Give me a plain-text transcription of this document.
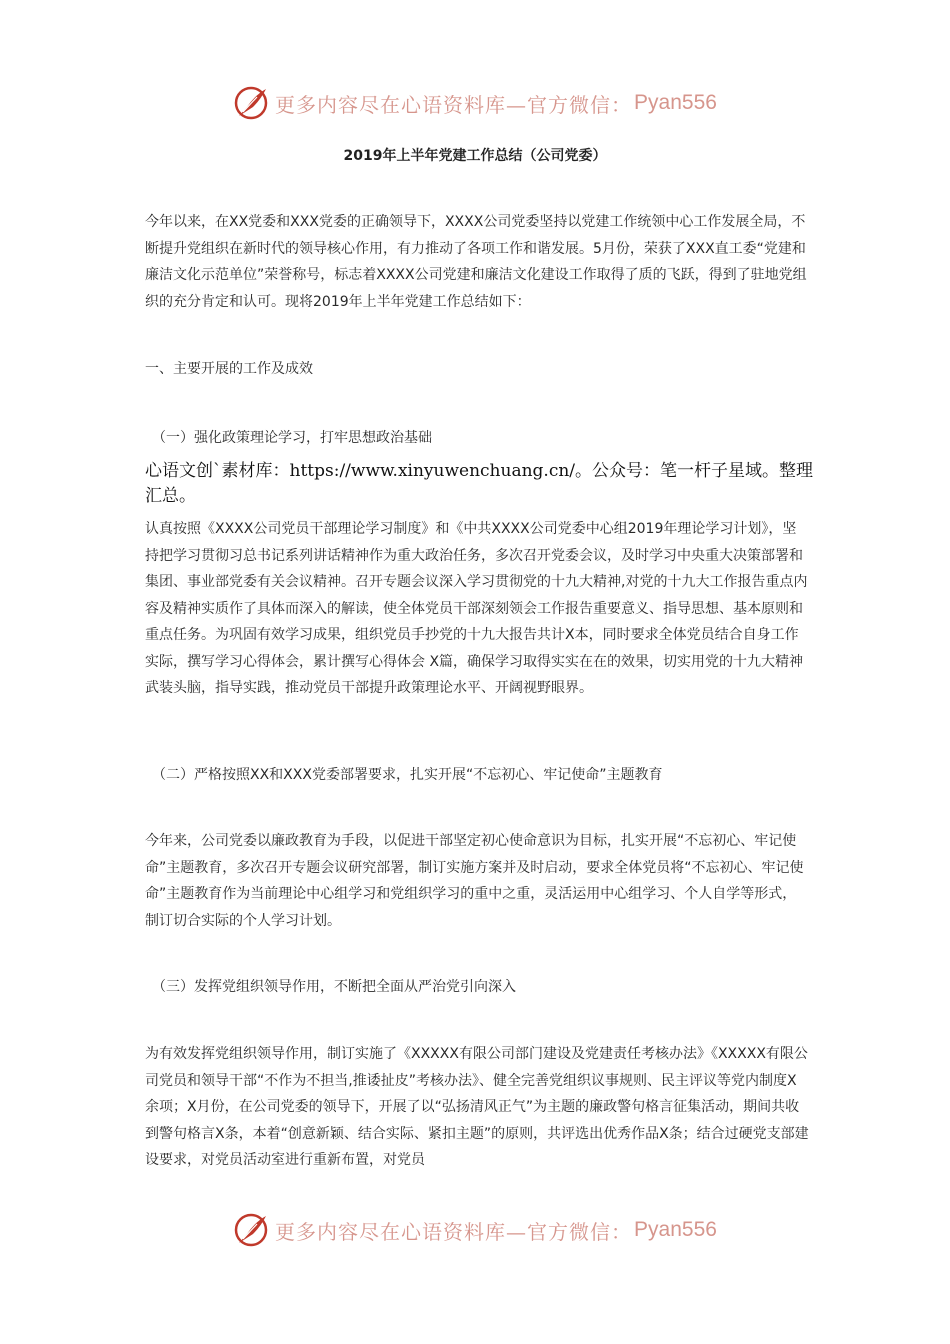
更多内容尽在心语资料库—官方微信： Pyan556
2019年上半年党建工作总结（公司党委）

今年以来，在XX党委和XXX党委的正确领导下，XXXX公司党委坚持以党建工作统领中心工作发展全局，不断提升党组织在新时代的领导核心作用，有力推动了各项工作和谐发展。5月份，荣获了XXX直工委“党建和廉洁文化示范单位”荣誉称号，标志着XXXX公司党建和廉洁文化建设工作取得了质的飞跃，得到了驻地党组织的充分肯定和认可。现将2019年上半年党建工作总结如下：

一、主要开展的工作及成效

（一）强化政策理论学习，打牢思想政治基础

心语文创`素材库：https://www.xinyuwenchuang.cn/。公众号：笔一杆子星域。整理汇总。

认真按照《XXXX公司党员干部理论学习制度》和《中共XXXX公司党委中心组2019年理论学习计划》，坚持把学习贯彻习总书记系列讲话精神作为重大政治任务，多次召开党委会议，及时学习中央重大决策部署和集团、事业部党委有关会议精神。召开专题会议深入学习贯彻党的十九大精神,对党的十九大工作报告重点内容及精神实质作了具体而深入的解读，使全体党员干部深刻领会工作报告重要意义、指导思想、基本原则和重点任务。为巩固有效学习成果，组织党员手抄党的十九大报告共计X本，同时要求全体党员结合自身工作实际，撰写学习心得体会，累计撰写心得体会 X篇，确保学习取得实实在在的效果，切实用党的十九大精神武装头脑，指导实践，推动党员干部提升政策理论水平、开阔视野眼界。

（二）严格按照XX和XXX党委部署要求，扎实开展“不忘初心、牢记使命”主题教育

今年来，公司党委以廉政教育为手段，以促进干部坚定初心使命意识为目标，扎实开展“不忘初心、牢记使命”主题教育，多次召开专题会议研究部署，制订实施方案并及时启动，要求全体党员将“不忘初心、牢记使命”主题教育作为当前理论中心组学习和党组织学习的重中之重，灵活运用中心组学习、个人自学等形式，制订切合实际的个人学习计划。

（三）发挥党组织领导作用，不断把全面从严治党引向深入

为有效发挥党组织领导作用，制订实施了《XXXXX有限公司部门建设及党建责任考核办法》《XXXXX有限公司党员和领导干部“不作为不担当,推诿扯皮”考核办法》、健全完善党组织议事规则、民主评议等党内制度X余项；X月份，在公司党委的领导下，开展了以“弘扬清风正气”为主题的廉政警句格言征集活动，期间共收到警句格言X条，本着“创意新颖、结合实际、紧扣主题”的原则，共评选出优秀作品X条；结合过硬党支部建设要求，对党员活动室进行重新布置，对党员

更多内容尽在心语资料库—官方微信： Pyan556
